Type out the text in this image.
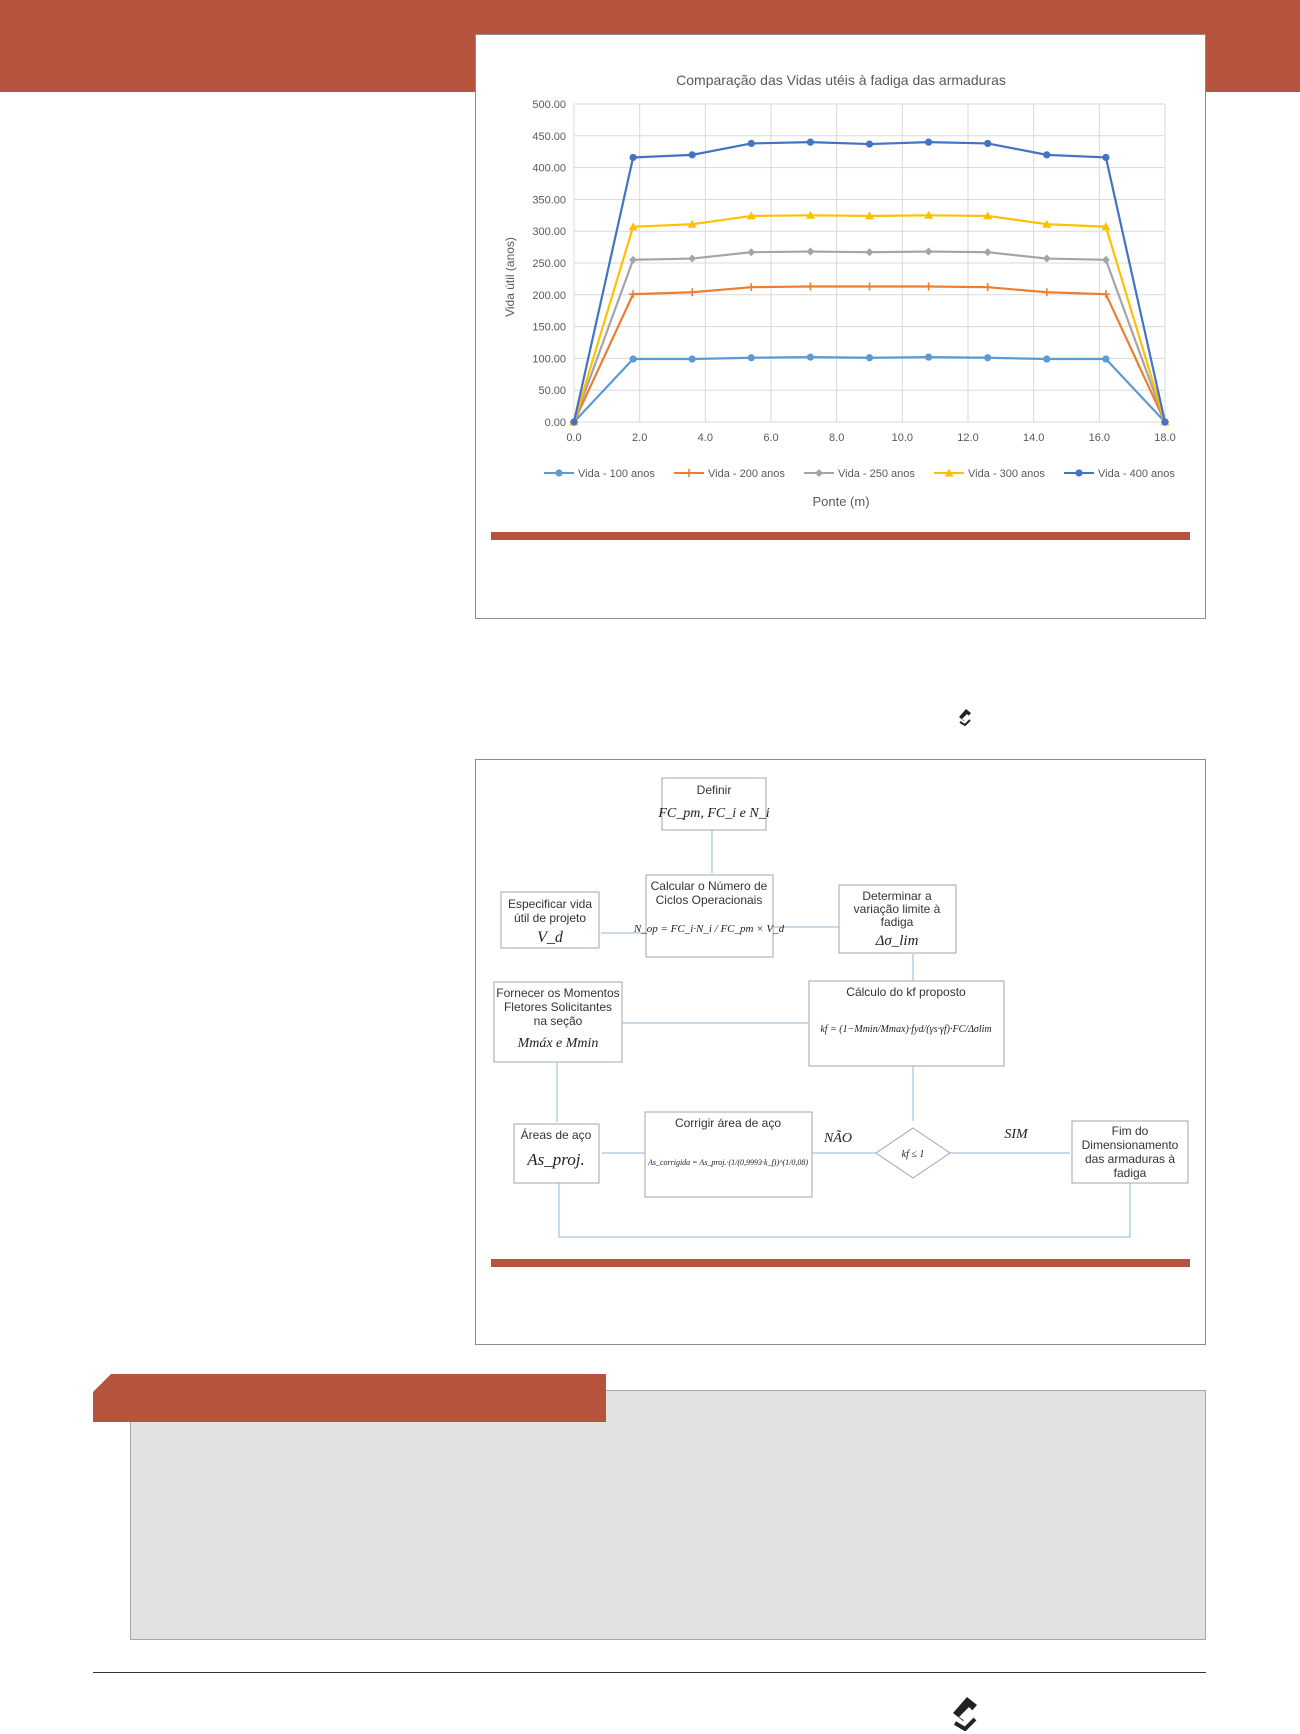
Comparação das Vidas utéis à fadiga das armaduras
0.00
50.00
100.00
150.00
200.00
250.00
300.00
350.00
400.00
450.00
500.00
0.0	2.0	4.0	6.0	8.0	10.0	12.0	14.0	16.0	18.0
Vida útil (anos)
Vida - 100 anos	Vida - 200 anos	Vida - 250 anos	Vida - 300 anos	Vida - 400 anos
Ponte (m)
Definir
FC_pm, FC_i e N_i
Calcular o Número de
Ciclos Operacionais
N_op = FC_i·N_i / FC_pm × V_d
Especificar vida
útil de projeto
V_d
Determinar a
variação limite à
fadiga
Δσ_lim
Fornecer os Momentos
Fletores Solicitantes
na seção
Mmáx e Mmin
Cálculo do kf proposto
kf = (1−Mmin/Mmax)·fyd/(γs·γf)·FC/Δσlim
Áreas de aço
As_proj.
Corrigir área de aço
As_corrigida = As_proj.·(1/(0,9993·k_f))^(1/0,08)
kf ≤ 1
NÃO	SIM	Fim do
Dimensionamento
das armaduras à
fadiga
